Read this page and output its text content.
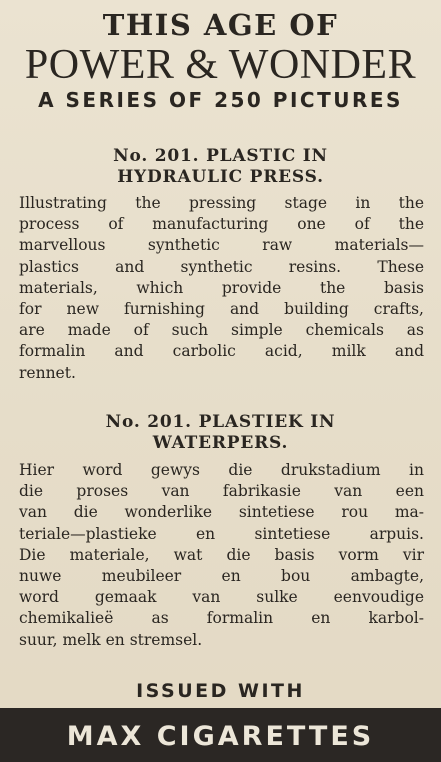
THIS AGE OF
POWER & WONDER
A SERIES OF 250 PICTURES
No. 201. PLASTIC IN
HYDRAULIC PRESS.
Illustrating the pressing stage in the
process of manufacturing one of the
marvellous synthetic raw materials—
plastics and synthetic resins. These
materials, which provide the basis
for new furnishing and building crafts,
are made of such simple chemicals as
formalin and carbolic acid, milk and
rennet.
No. 201. PLASTIEK IN
WATERPERS.
Hier word gewys die drukstadium in
die proses van fabrikasie van een
van die wonderlike sintetiese rou ma-
teriale—plastieke en sintetiese arpuis.
Die materiale, wat die basis vorm vir
nuwe meubileer en bou ambagte,
word gemaak van sulke eenvoudige
chemikalieë as formalin en karbol-
suur, melk en stremsel.
ISSUED WITH
MAX CIGARETTES
